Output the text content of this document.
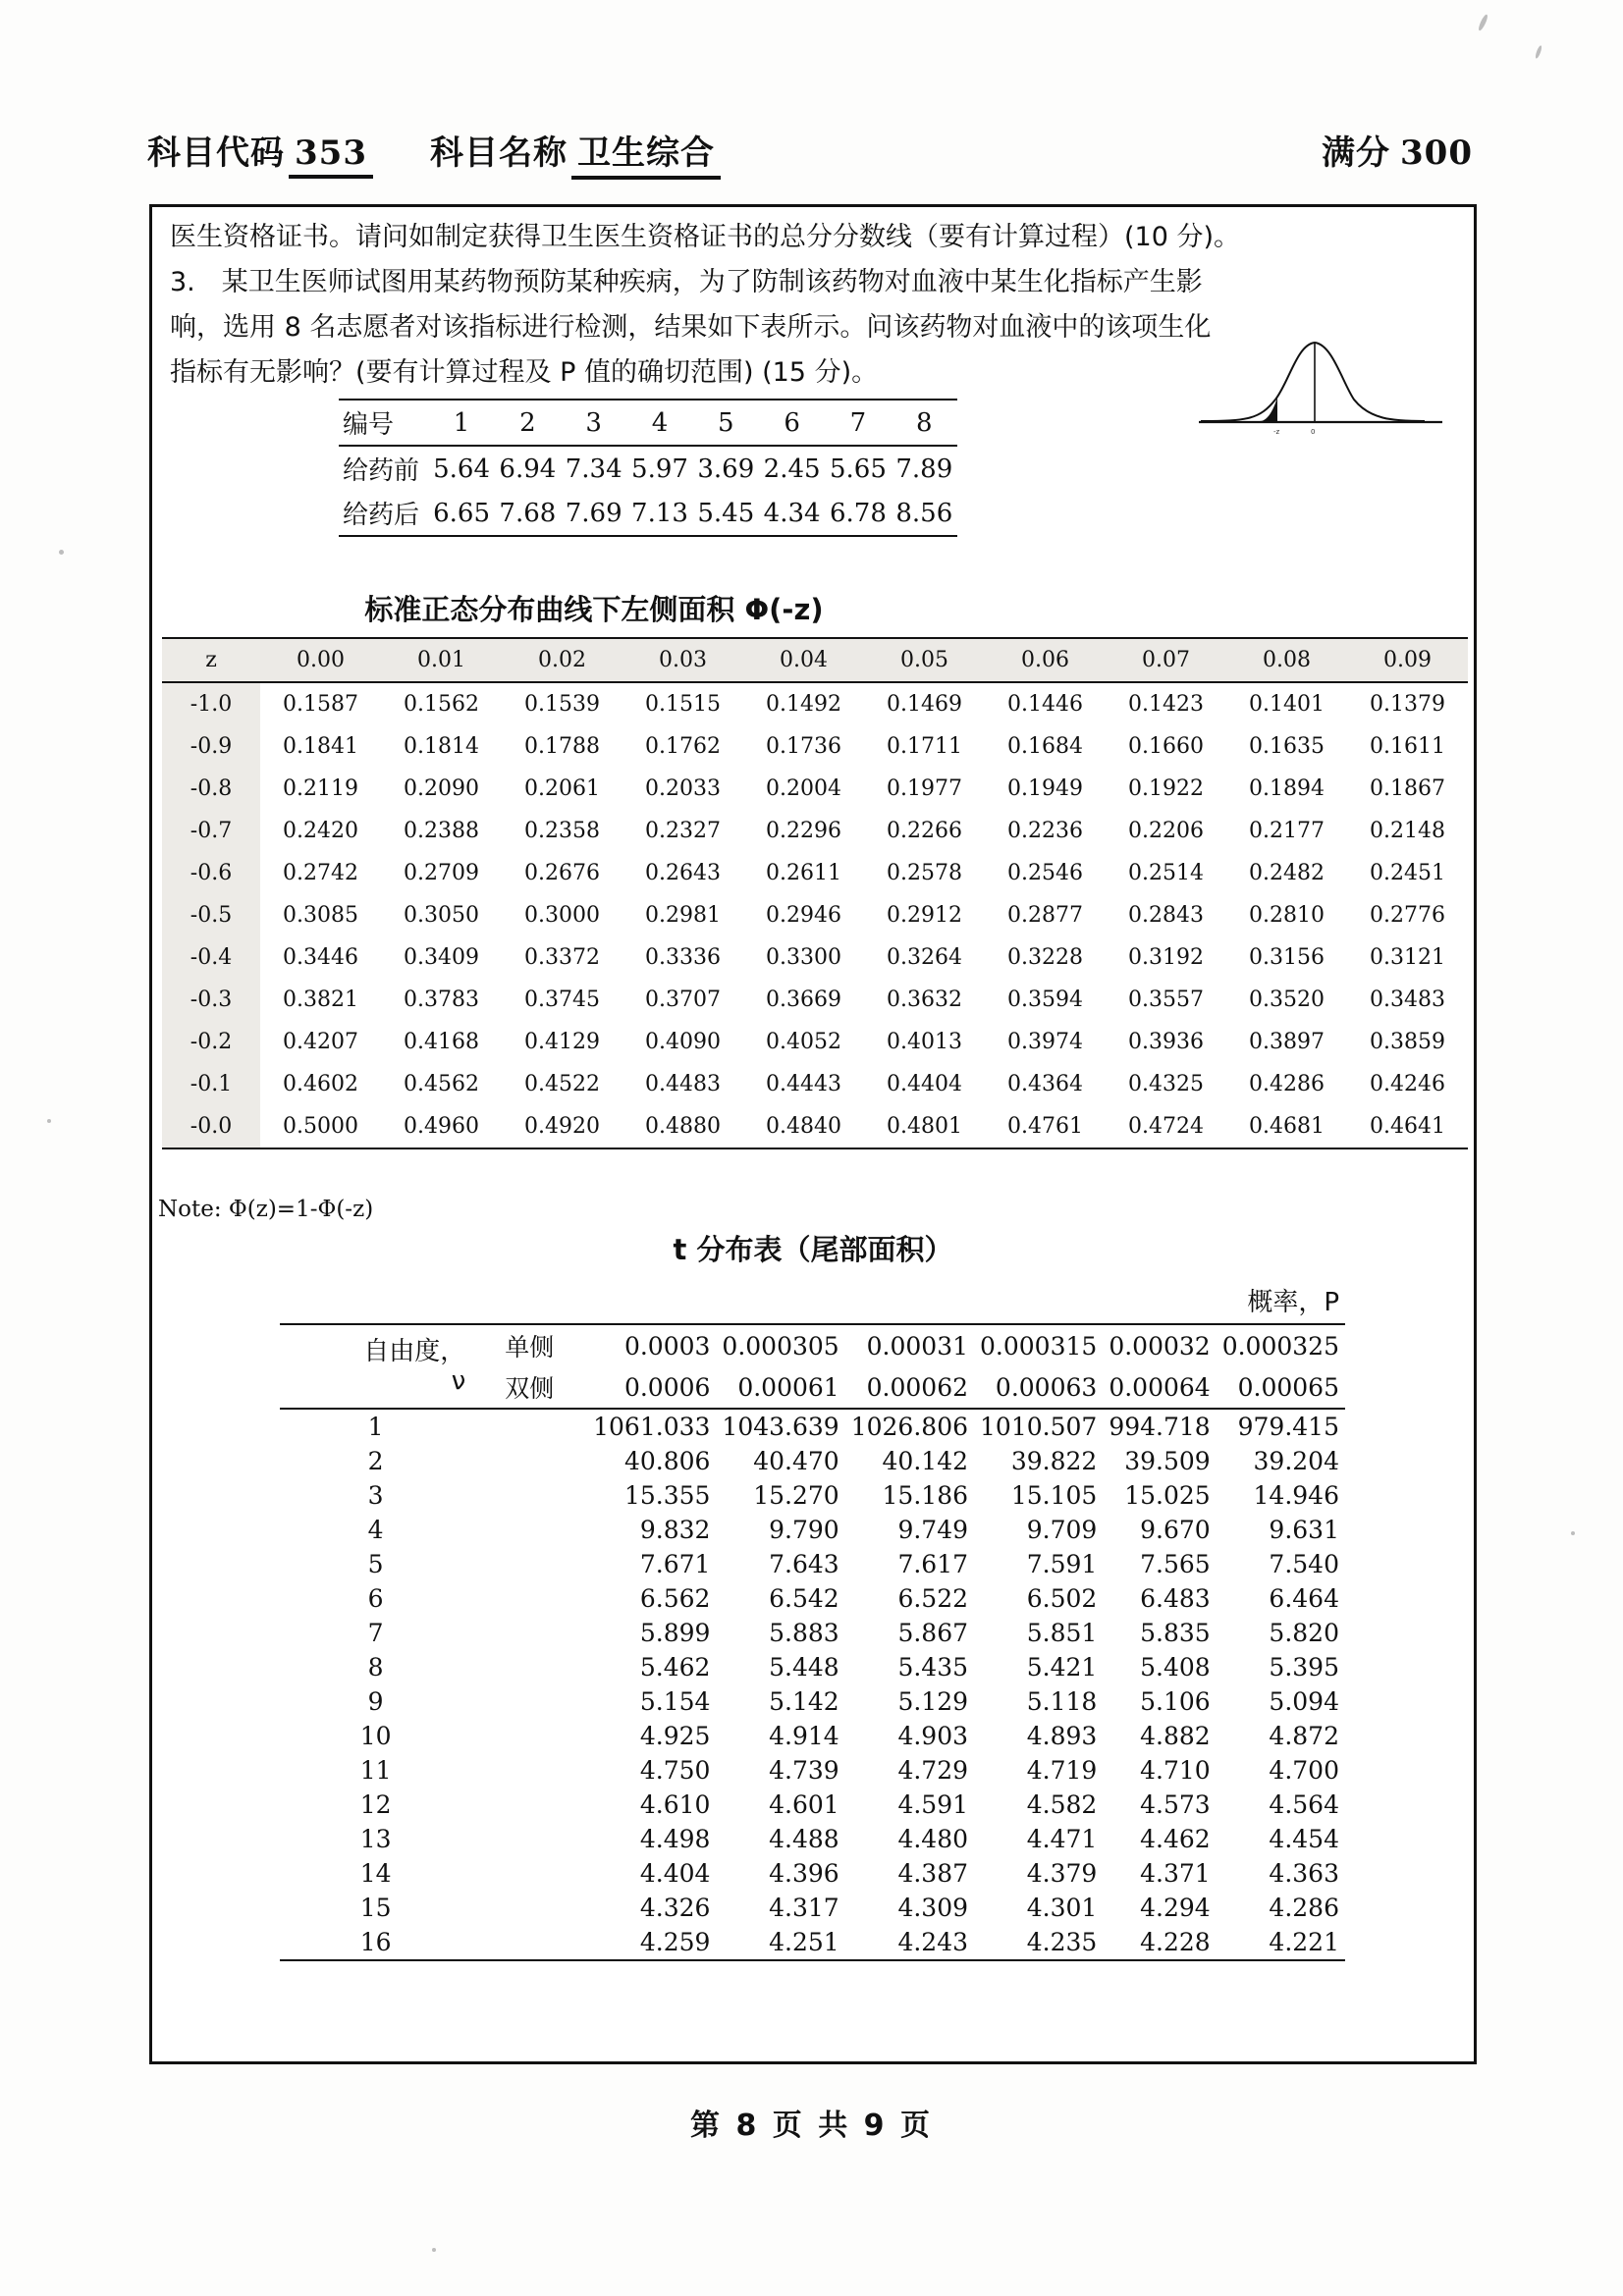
科目代码 353 科目名称 卫生综合	满分 300

医生资格证书。请问如制定获得卫生医生资格证书的总分分数线（要有计算过程）(10 分)。

3.　某卫生医师试图用某药物预防某种疾病，为了防制该药物对血液中某生化指标产生影

响，选用 8 名志愿者对该指标进行检测，结果如下表所示。问该药物对血液中的该项生化

指标有无影响？(要有计算过程及 P 值的确切范围) (15 分)。

编号	1	2	3	4	5	6	7	8
给药前	5.64	6.94	7.34	5.97	3.69	2.45	5.65	7.89
给药后	6.65	7.68	7.69	7.13	5.45	4.34	6.78	8.56
-z	0
标准正态分布曲线下左侧面积 Φ(-z)
z	0.00	0.01	0.02	0.03	0.04	0.05	0.06	0.07	0.08	0.09
-1.0	0.1587	0.1562	0.1539	0.1515	0.1492	0.1469	0.1446	0.1423	0.1401	0.1379
-0.9	0.1841	0.1814	0.1788	0.1762	0.1736	0.1711	0.1684	0.1660	0.1635	0.1611
-0.8	0.2119	0.2090	0.2061	0.2033	0.2004	0.1977	0.1949	0.1922	0.1894	0.1867
-0.7	0.2420	0.2388	0.2358	0.2327	0.2296	0.2266	0.2236	0.2206	0.2177	0.2148
-0.6	0.2742	0.2709	0.2676	0.2643	0.2611	0.2578	0.2546	0.2514	0.2482	0.2451
-0.5	0.3085	0.3050	0.3000	0.2981	0.2946	0.2912	0.2877	0.2843	0.2810	0.2776
-0.4	0.3446	0.3409	0.3372	0.3336	0.3300	0.3264	0.3228	0.3192	0.3156	0.3121
-0.3	0.3821	0.3783	0.3745	0.3707	0.3669	0.3632	0.3594	0.3557	0.3520	0.3483
-0.2	0.4207	0.4168	0.4129	0.4090	0.4052	0.4013	0.3974	0.3936	0.3897	0.3859
-0.1	0.4602	0.4562	0.4522	0.4483	0.4443	0.4404	0.4364	0.4325	0.4286	0.4246
-0.0	0.5000	0.4960	0.4920	0.4880	0.4840	0.4801	0.4761	0.4724	0.4681	0.4641
Note: Φ(z)=1-Φ(-z)
t 分布表（尾部面积）
	概率，P						

自由度，
ν	单侧	0.0003	0.000305	0.00031	0.000315	0.00032	0.000325
	双侧	0.0006	0.00061	0.00062	0.00063	0.00064	0.00065
1		1061.033	1043.639	1026.806	1010.507	994.718	979.415
2		40.806	40.470	40.142	39.822	39.509	39.204
3		15.355	15.270	15.186	15.105	15.025	14.946
4		9.832	9.790	9.749	9.709	9.670	9.631
5		7.671	7.643	7.617	7.591	7.565	7.540
6		6.562	6.542	6.522	6.502	6.483	6.464
7		5.899	5.883	5.867	5.851	5.835	5.820
8		5.462	5.448	5.435	5.421	5.408	5.395
9		5.154	5.142	5.129	5.118	5.106	5.094
10		4.925	4.914	4.903	4.893	4.882	4.872
11		4.750	4.739	4.729	4.719	4.710	4.700
12		4.610	4.601	4.591	4.582	4.573	4.564
13		4.498	4.488	4.480	4.471	4.462	4.454
14		4.404	4.396	4.387	4.379	4.371	4.363
15		4.326	4.317	4.309	4.301	4.294	4.286
16		4.259	4.251	4.243	4.235	4.228	4.221
第 8 页 共 9 页
